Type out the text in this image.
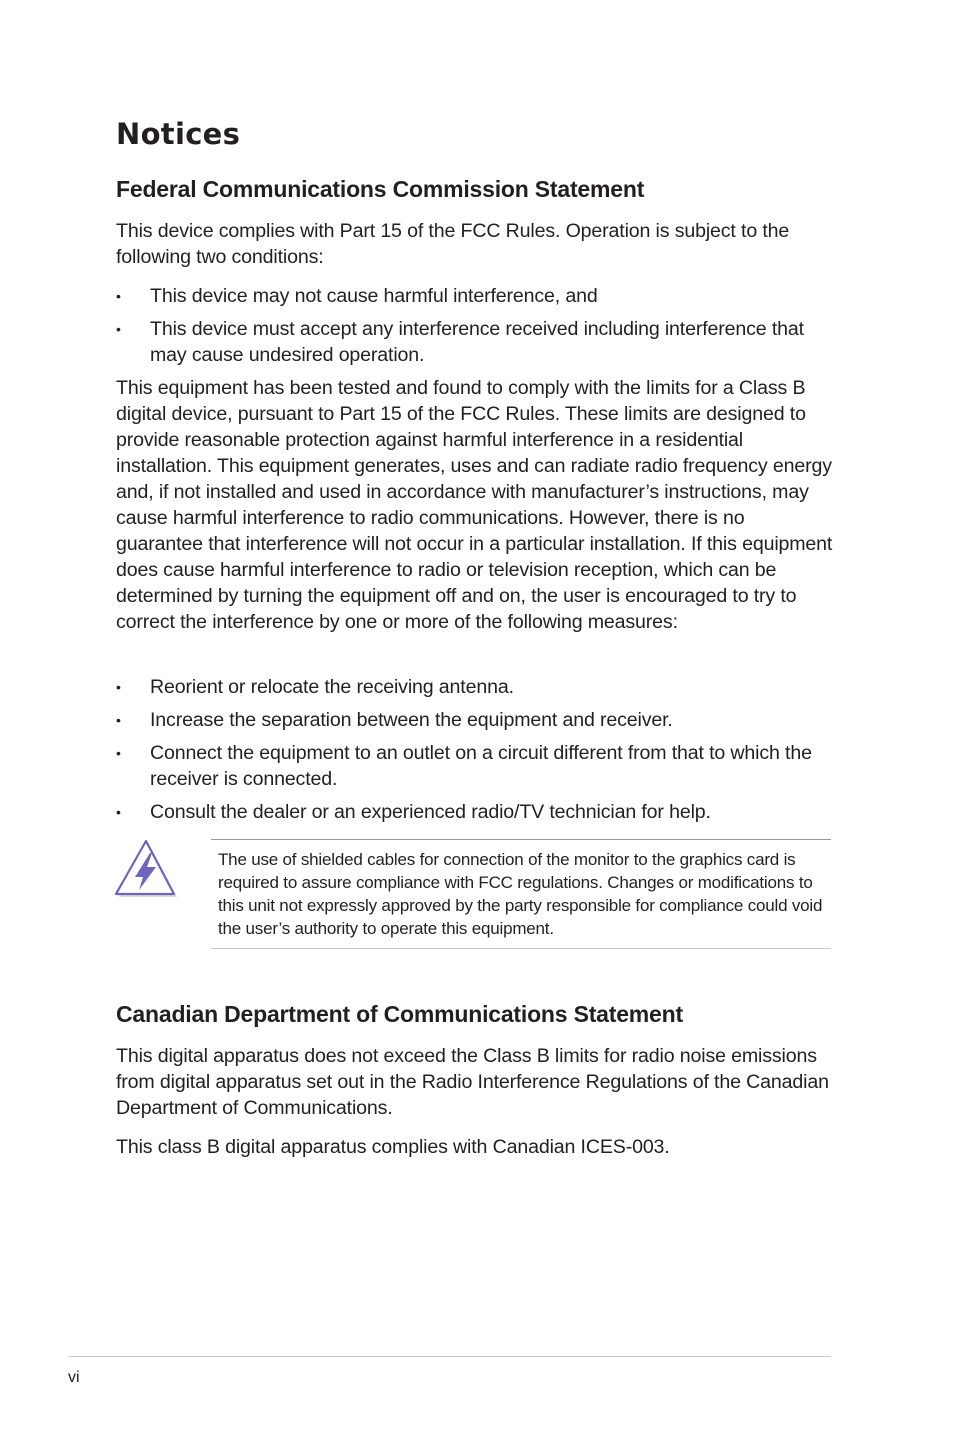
Notices
Federal Communications Commission Statement

This device complies with Part 15 of the FCC Rules. Operation is subject to the following two conditions:

• This device may not cause harmful interference, and
• This device must accept any interference received including interference that may cause undesired operation.

This equipment has been tested and found to comply with the limits for a Class B digital device, pursuant to Part 15 of the FCC Rules. These limits are designed to provide reasonable protection against harmful interference in a residential installation. This equipment generates, uses and can radiate radio frequency energy and, if not installed and used in accordance with manufacturer’s instructions, may cause harmful interference to radio communications. However, there is no guarantee that interference will not occur in a particular installation. If this equipment does cause harmful interference to radio or television reception, which can be determined by turning the equipment off and on, the user is encouraged to try to correct the interference by one or more of the following measures:

• Reorient or relocate the receiving antenna.
• Increase the separation between the equipment and receiver.
• Connect the equipment to an outlet on a circuit different from that to which the receiver is connected.
• Consult the dealer or an experienced radio/TV technician for help.

The use of shielded cables for connection of the monitor to the graphics card is required to assure compliance with FCC regulations. Changes or modifications to this unit not expressly approved by the party responsible for compliance could void the user’s authority to operate this equipment.

Canadian Department of Communications Statement

This digital apparatus does not exceed the Class B limits for radio noise emissions from digital apparatus set out in the Radio Interference Regulations of the Canadian Department of Communications.

This class B digital apparatus complies with Canadian ICES-003.

vi
